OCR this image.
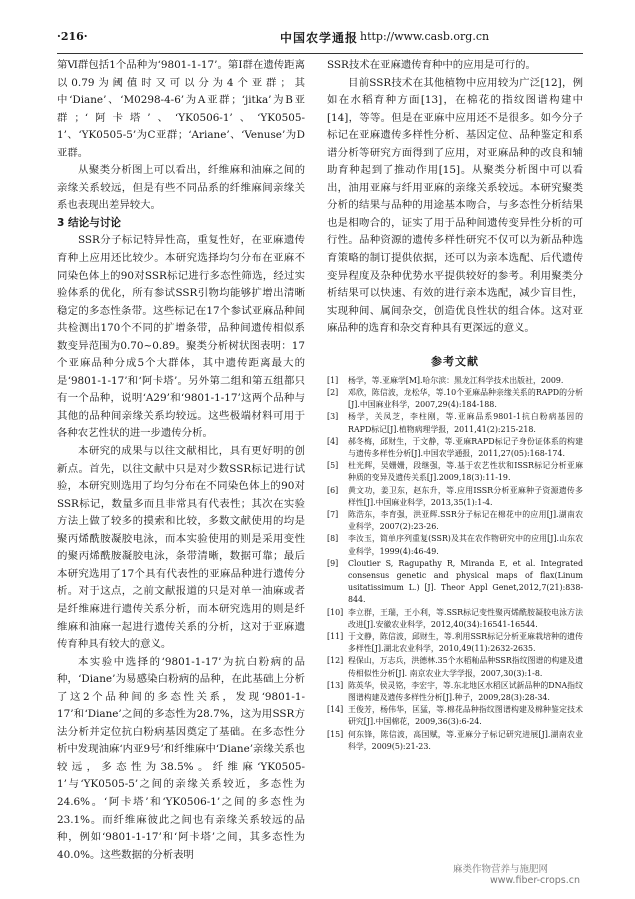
·216·	中国农学通报 http://www.casb.org.cn

第Ⅵ群包括1个品种为‘9801-1-17’。第Ⅰ群在遗传距离以0.79为阈值时又可以分为4个亚群；其中‘Diane’、‘M0298-4-6’为A亚群；‘jitka’为B亚群；‘阿卡塔’、‘YK0506-1’、‘YK0505-1’、‘YK0505-5’为C亚群；‘Ariane’、‘Venuse’为D亚群。

从聚类分析图上可以看出，纤维麻和油麻之间的亲缘关系较远，但是有些不同品系的纤维麻间亲缘关系也表现出差异较大。

3 结论与讨论

SSR分子标记特异性高，重复性好，在亚麻遗传育种上应用还比较少。本研究选择均匀分布在亚麻不同染色体上的90对SSR标记进行多态性筛选，经过实验体系的优化，所有参试SSR引物均能够扩增出清晰稳定的多态性条带。这些标记在17个参试亚麻品种间共检测出170个不同的扩增条带，品种间遗传相似系数变异范围为0.70~0.89。聚类分析树状图表明：17个亚麻品种分成5个大群体，其中遗传距离最大的是‘9801-1-17’和‘阿卡塔’。另外第二组和第五组都只有一个品种，说明‘A29’和‘9801-1-17’这两个品种与其他的品种间亲缘关系均较远。这些极端材料可用于各种农艺性状的进一步遗传分析。

本研究的成果与以往文献相比，具有更好明的创新点。首先，以往文献中只是对少数SSR标记进行试验，本研究则选用了均匀分布在不同染色体上的90对SSR标记，数量多而且非常具有代表性；其次在实验方法上做了较多的摸索和比较，多数文献使用的均是聚丙烯酰胺凝胶电泳，而本实验使用的则是采用变性的聚丙烯酰胺凝胶电泳，条带清晰，数据可靠；最后本研究选用了17个具有代表性的亚麻品种进行遗传分析。对于这点，之前文献报道的只是对单一油麻或者是纤维麻进行遗传关系分析，而本研究选用的则是纤维麻和油麻一起进行遗传关系的分析，这对于亚麻遗传育种具有较大的意义。

本实验中选择的‘9801-1-17’为抗白粉病的品种，‘Diane’为易感染白粉病的品种，在此基础上分析了这2个品种间的多态性关系，发现‘9801-1-17’和‘Diane’之间的多态性为28.7%，这为用SSR方法分析并定位抗白粉病基因奠定了基础。在多态性分析中发现油麻‘内亚9号’和纤维麻中‘Diane’亲缘关系也较远，多态性为38.5%。纤维麻‘YK0505-1’与‘YK0505-5’之间的亲缘关系较近，多态性为24.6%。‘阿卡塔’和‘YK0506-1’之间的多态性为23.1%。而纤维麻彼此之间也有亲缘关系较远的品种，例如‘9801-1-17’和‘阿卡塔’之间，其多态性为40.0%。这些数据的分析表明

SSR技术在亚麻遗传育种中的应用是可行的。

目前SSR技术在其他植物中应用较为广泛[12]，例如在水稻育种方面[13]，在棉花的指纹图谱构建中[14]，等等。但是在亚麻中应用还不是很多。如今分子标记在亚麻遗传多样性分析、基因定位、品种鉴定和系谱分析等研究方面得到了应用，对亚麻品种的改良和辅助育种起到了推动作用[15]。从聚类分析图中可以看出，油用亚麻与纤用亚麻的亲缘关系较远。本研究聚类分析的结果与品种的用途基本吻合，与多态性分析结果也是相吻合的，证实了用于品种间遗传变异性分析的可行性。品种资源的遗传多样性研究不仅可以为新品种选育策略的制订提供依据，还可以为亲本选配、后代遗传变异程度及杂种优势水平提供较好的参考。利用聚类分析结果可以快速、有效的进行亲本选配，减少盲目性，实现种间、属间杂交，创造优良性状的组合体。这对亚麻品种的选育和杂交育种具有更深远的意义。

参考文献
[1] 杨学，等.亚麻学[M].哈尔滨：黑龙江科学技术出版社，2009.
[2] 邓欣，陈信波，龙松华，等.10个亚麻品种亲缘关系的RAPD的分析[J].中国麻业科学，2007,29(4):184-188.
[3] 杨学，关凤芝，李柱刚，等.亚麻品系9801-1抗白粉病基因的RAPD标记[J].植物病理学报，2011,41(2):215-218.
[4] 郝冬梅，邱财生，于文静，等.亚麻RAPD标记子身份证体系的构建与遗传多样性分析[J].中国农学通报，2011,27(05):168-174.
[5] 杜光辉，吴姗姗，段继强，等.基于农艺性状和ISSR标记分析亚麻种质的变异及遗传关系[J].2009,18(3):11-19.
[6] 黄文功，姜卫东，赵东升，等.应用ISSR分析亚麻种子资源遗传多样性[J].中国麻业科学，2013,35(1):1-4.
[7] 陈浩东，李育强，洪亚辉.SSR分子标记在棉花中的应用[J].湖南农业科学，2007(2):23-26.
[8] 李汝玉，简单序列重复(SSR)及其在农作物研究中的应用[J].山东农业科学，1999(4):46-49.
[9] Cloutier S, Ragupathy R, Miranda E, et al. Integrated consensus genetic and physical maps of flax(Linum usitatissimum L.) [J]. Theor Appl Genet,2012,7(21):838-844.
[10] 李立群，王瑞，王小利，等.SSR标记变性聚丙烯酰胺凝胶电泳方法改进[J].安徽农业科学，2012,40(34):16541-16544.
[11] 于文静，陈信波，邱财生，等.利用SSR标记分析亚麻栽培种的遗传多样性[J].湖北农业科学，2010,49(11):2632-2635.
[12] 程保山，万志兵，洪德林.35个水稻籼品种SSR指纹图谱的构建及遗传相似性分析[J]. 南京农业大学学报，2007,30(3):1-8.
[13] 陈英华，侯灵铭，李宏宇，等.东北地区水稻区试新品种的DNA指纹图谱构建及遗传多样性分析[J].种子，2009,28(3):28-34.
[14] 王俊芳，杨伟华，匡猛，等.棉花品种指纹图谱构建及棉种鉴定技术研究[J].中国棉花，2009,36(3):6-24.
[15] 何东锋，陈信波，高国赋，等.亚麻分子标记研究进展[J].湖南农业科学，2009(5):21-23.
麻类作物营养与施肥网
www.fiber-crops.cn
